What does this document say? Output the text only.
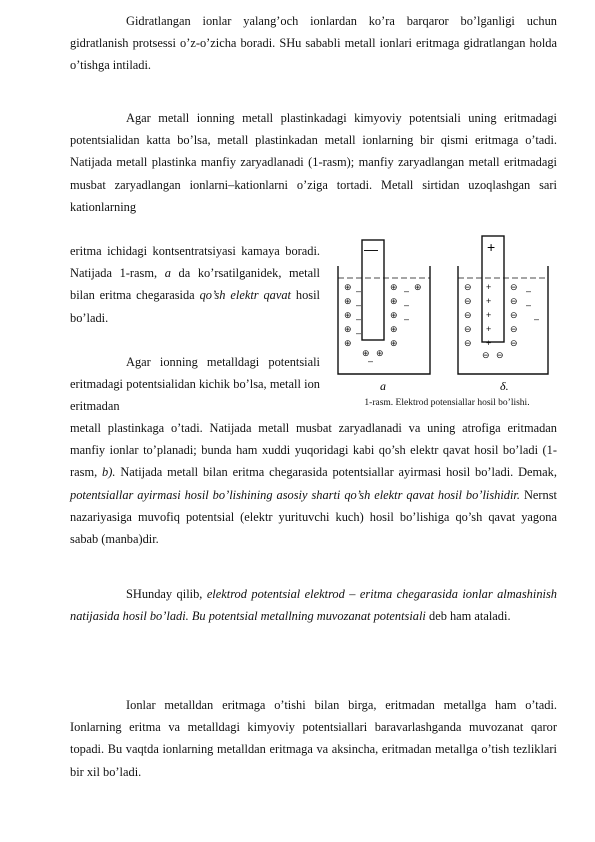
Gidratlangan ionlar yalang’och ionlardan ko’ra barqaror bo’lganligi uchun gidratlanish protsessi o’z-o’zicha boradi. SHu sababli metall ionlari eritmaga gidratlangan holda o’tishga intiladi.

Agar metall ionning metall plastinkadagi kimyoviy potentsiali uning eritmadagi potentsialidan katta bo’lsa, metall plastinkadan metall ionlarning bir qismi eritmaga o’tadi. Natijada metall plastinka manfiy zaryadlanadi (1-rasm); manfiy zaryadlangan metall eritmadagi musbat zaryadlangan ionlarni–kationlarni o’ziga tortadi. Metall sirtidan uzoqlashgan sari kationlarning

eritma ichidagi kontsentratsiyasi kamaya boradi. Natijada 1-rasm, a da ko’rsatilganidek, metall bilan eritma chegarasida qo’sh elektr qavat hosil bo’ladi.

Agar ionning metalldagi potentsiali eritmadagi potentsialidan kichik bo’lsa, metall ion eritmadan

metall plastinkaga o’tadi. Natijada metall musbat zaryadlanadi va uning atrofiga eritmadan manfiy ionlar to’planadi; bunda ham xuddi yuqoridagi kabi qo’sh elektr qavat hosil bo’ladi (1-rasm, b). Natijada metall bilan eritma chegarasida potentsiallar ayirmasi hosil bo’ladi. Demak, potentsiallar ayirmasi hosil bo’lishining asosiy sharti qo’sh elektr qavat hosil bo’lishidir. Nernst nazariyasiga muvofiq potentsial (elektr yurituvchi kuch) hosil bo’lishiga qo’sh qavat yagona sabab (manba)dir.

SHunday qilib, elektrod potentsial elektrod – eritma chegarasida ionlar almashinish natijasida hosil bo’ladi. Bu potentsial metallning muvozanat potentsiali deb ham ataladi.

Ionlar metalldan eritmaga o’tishi bilan birga, eritmadan metallga ham o’tadi. Ionlarning eritma va metalldagi kimyoviy potentsiallari baravarlashganda muvozanat qaror topadi. Bu vaqtda ionlarning metalldan eritmaga va aksincha, eritmadan metallga o’tish tezliklari bir xil bo’ladi.

⊕
⊕
⊕
⊕
⊕
–
–
–
–
⊕
⊕
⊕
⊕
⊕
–
–
–
⊕
⊕ ⊕
–
—
⊖
⊖
⊖
⊖
⊖
+
+
+
+
+
⊖
⊖
⊖
⊖
⊖
–
–
–
⊖ ⊖
+
a	δ.
1-rasm. Elektrod potensiallar hosil bo’lishi.
